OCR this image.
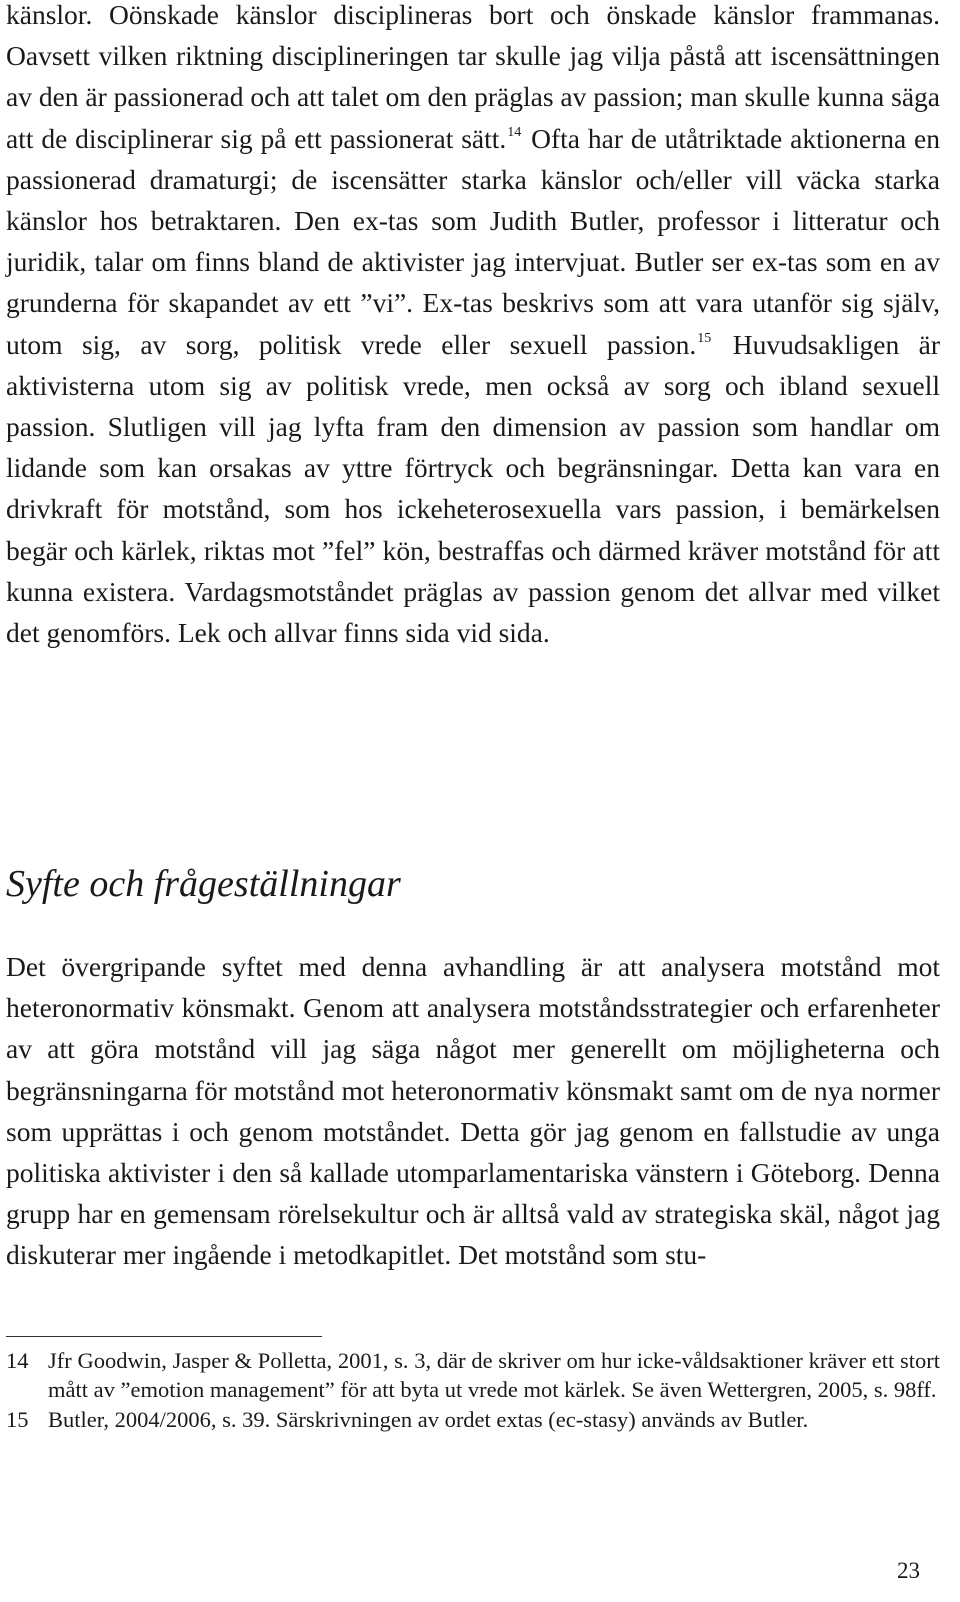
känslor. Oönskade känslor disciplineras bort och önskade känslor frammanas. Oavsett vilken riktning disciplineringen tar skulle jag vilja påstå att iscensättningen av den är passionerad och att talet om den präglas av passion; man skulle kunna säga att de disciplinerar sig på ett passionerat sätt.$^{14}$ Ofta har de utåtriktade aktionerna en passionerad dramaturgi; de iscensätter starka känslor och/eller vill väcka starka känslor hos betraktaren. Den ex-tas som Judith Butler, professor i litteratur och juridik, talar om finns bland de aktivister jag intervjuat. Butler ser ex-tas som en av grunderna för skapandet av ett ”vi”. Ex-tas beskrivs som att vara utanför sig själv, utom sig, av sorg, politisk vrede eller sexuell passion.$^{15}$ Huvudsakligen är aktivisterna utom sig av politisk vrede, men också av sorg och ibland sexuell passion. Slutligen vill jag lyfta fram den dimension av passion som handlar om lidande som kan orsakas av yttre förtryck och begränsningar. Detta kan vara en drivkraft för motstånd, som hos ickeheterosexuella vars passion, i bemärkelsen begär och kärlek, riktas mot ”fel” kön, bestraffas och därmed kräver motstånd för att kunna existera. Vardagsmotståndet präglas av passion genom det allvar med vilket det genomförs. Lek och allvar finns sida vid sida.

Syfte och frågeställningar

Det övergripande syftet med denna avhandling är att analysera motstånd mot heteronormativ könsmakt. Genom att analysera motståndsstrategier och erfarenheter av att göra motstånd vill jag säga något mer generellt om möjligheterna och begränsningarna för motstånd mot heteronormativ könsmakt samt om de nya normer som upprättas i och genom motståndet. Detta gör jag genom en fallstudie av unga politiska aktivister i den så kallade utomparlamentariska vänstern i Göteborg. Denna grupp har en gemensam rörelsekultur och är alltså vald av strategiska skäl, något jag diskuterar mer ingående i metodkapitlet. Det motstånd som stu-

14 Jfr Goodwin, Jasper & Polletta, 2001, s. 3, där de skriver om hur icke-våldsaktioner kräver ett stort mått av ”emotion management” för att byta ut vrede mot kärlek. Se även Wettergren, 2005, s. 98ff.
15 Butler, 2004/2006, s. 39. Särskrivningen av ordet extas (ec-stasy) används av Butler.
23
